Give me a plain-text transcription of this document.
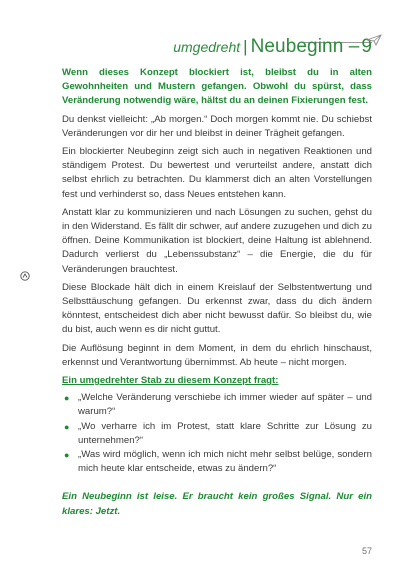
umgedreht | Neubeginn – 9

Wenn dieses Konzept blockiert ist, bleibst du in alten Gewohnheiten und Mustern gefangen. Obwohl du spürst, dass Veränderung notwendig wäre, hältst du an deinen Fixierungen fest.

Du denkst vielleicht: „Ab morgen.“ Doch morgen kommt nie. Du schiebst Veränderungen vor dir her und bleibst in deiner Trägheit gefangen.

Ein blockierter Neubeginn zeigt sich auch in negativen Reaktionen und ständigem Protest. Du bewertest und verurteilst andere, anstatt dich selbst ehrlich zu betrachten. Du klammerst dich an alten Vorstellungen fest und verhinderst so, dass Neues entstehen kann.

Anstatt klar zu kommunizieren und nach Lösungen zu suchen, gehst du in den Widerstand. Es fällt dir schwer, auf andere zuzugehen und dich zu öffnen. Deine Kommunikation ist blockiert, deine Haltung ist ablehnend. Dadurch verlierst du „Lebenssubstanz“ – die Energie, die du für Veränderungen brauchtest.

Diese Blockade hält dich in einem Kreislauf der Selbstentwertung und Selbsttäuschung gefangen. Du erkennst zwar, dass du dich ändern könntest, entscheidest dich aber nicht bewusst dafür. So bleibst du, wie du bist, auch wenn es dir nicht guttut.

Die Auflösung beginnt in dem Moment, in dem du ehrlich hinschaust, erkennst und Verantwortung übernimmst. Ab heute – nicht morgen.

Ein umgedrehter Stab zu diesem Konzept fragt:

● „Welche Veränderung verschiebe ich immer wieder auf später – und warum?“
● „Wo verharre ich im Protest, statt klare Schritte zur Lösung zu unternehmen?“
● „Was wird möglich, wenn ich mich nicht mehr selbst belüge, sondern mich heute klar entscheide, etwas zu ändern?“

Ein Neubeginn ist leise. Er braucht kein großes Signal. Nur ein klares: Jetzt.

57
